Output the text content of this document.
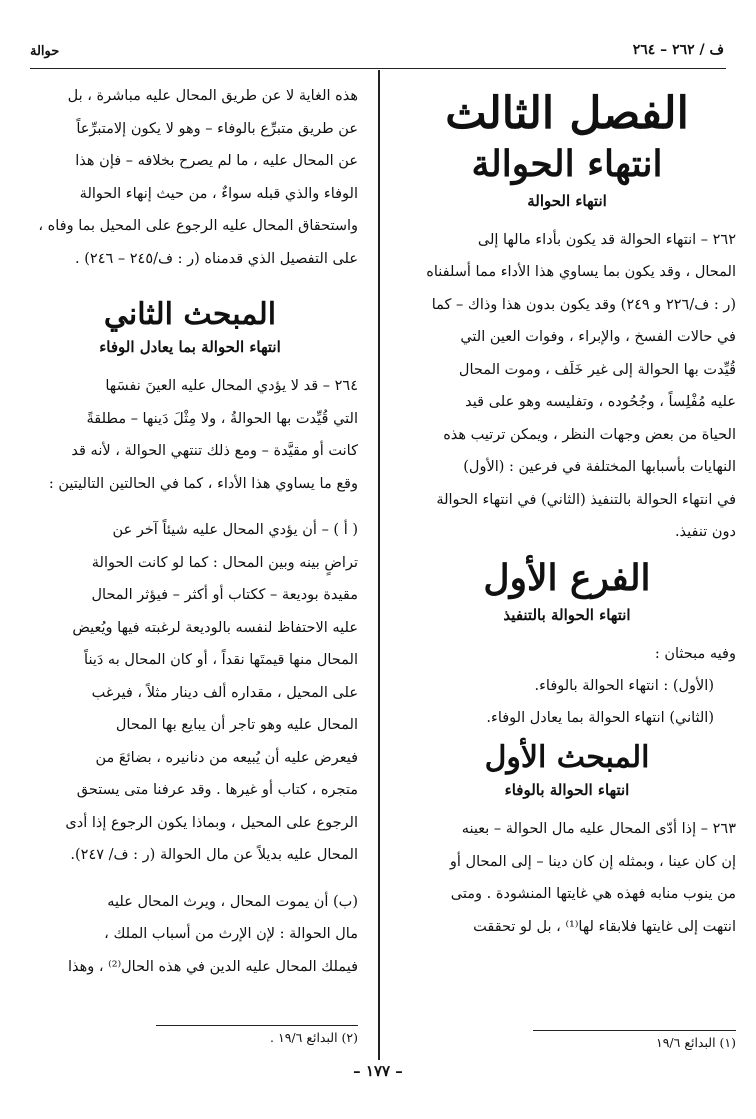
حوالة	ف / ٢٦٢ – ٢٦٤

الفصل الثالث

انتهاء الحوالة

انتهاء الحوالة

٢٦٢ – انتهاء الحوالة قد يكون بأداء مالها إلى

المحال ، وقد يكون بما يساوي هذا الأداء مما أسلفناه

(ر : ف/٢٢٦ و ٢٤٩) وقد يكون بدون هذا وذاك – كما

في حالات الفسخ ، والإبراء ، وفوات العين التي

قُيِّدت بها الحوالة إلى غير خَلَف ، وموت المحال

عليه مُفْلِساً ، وجُحُوده ، وتفليسه وهو على قيد

الحياة من بعض وجهات النظر ، ويمكن ترتيب هذه

النهايات بأسبابها المختلفة في فرعين : (الأول)

في انتهاء الحوالة بالتنفيذ (الثاني) في انتهاء الحوالة

دون تنفيذ.

الفرع الأول

انتهاء الحوالة بالتنفيذ

وفيه مبحثان :

(الأول) : انتهاء الحوالة بالوفاء.

(الثاني) انتهاء الحوالة بما يعادل الوفاء.

المبحث الأول

انتهاء الحوالة بالوفاء

٢٦٣ – إذا أدّى المحال عليه مال الحوالة – بعينه

إن كان عينا ، وبمثله إن كان دينا – إلى المحال أو

من ينوب منابه فهذه هي غايتها المنشودة . ومتى

انتهت إلى غايتها فلابقاء لها⁽¹⁾ ، بل لو تحققت

(١) البدائع ١٩/٦

هذه الغاية لا عن طريق المحال عليه مباشرة ، بل

عن طريق متبرِّع بالوفاء – وهو لا يكون إلامتبرِّعاً

عن المحال عليه ، ما لم يصرح بخلافه – فإن هذا

الوفاء والذي قبله سواءٌ ، من حيث إنهاء الحوالة

واستحقاق المحال عليه الرجوع على المحيل بما وفاه ،

على التفصيل الذي قدمناه (ر : ف/٢٤٥ – ٢٤٦) .

المبحث الثاني

انتهاء الحوالة بما يعادل الوفاء

٢٦٤ – قد لا يؤدي المحال عليه العينَ نفسَها

التي قُيِّدت بها الحوالةُ ، ولا مِثْلَ دَينها – مطلقةً

كانت أو مقيَّدة – ومع ذلك تنتهي الحوالة ، لأنه قد

وقع ما يساوي هذا الأداء ، كما في الحالتين التاليتين :

( أ ) – أن يؤدي المحال عليه شيئاً آخر عن

تراضٍ بينه وبين المحال : كما لو كانت الحوالة

مقيدة بوديعة – ككتاب أو أكثر – فيؤثر المحال

عليه الاحتفاظ لنفسه بالوديعة لرغبته فيها ويُعيض

المحال منها قيمتَها نقداً ، أو كان المحال به دَيناً

على المحيل ، مقداره ألف دينار مثلاً ، فيرغب

المحال عليه وهو تاجر أن يبايع بها المحال

فيعرض عليه أن يُبيعه من دنانيره ، بضائعَ من

متجره ، كتاب أو غيرها . وقد عرفنا متى يستحق

الرجوع على المحيل ، وبماذا يكون الرجوع إذا أدى

المحال عليه بديلاً عن مال الحوالة (ر : ف/ ٢٤٧).

(ب) أن يموت المحال ، ويرث المحال عليه

مال الحوالة : لإن الإرث من أسباب الملك ،

فيملك المحال عليه الدين في هذه الحال⁽²⁾ ، وهذا

(٢) البدائع ١٩/٦ .
– ١٧٧ –
